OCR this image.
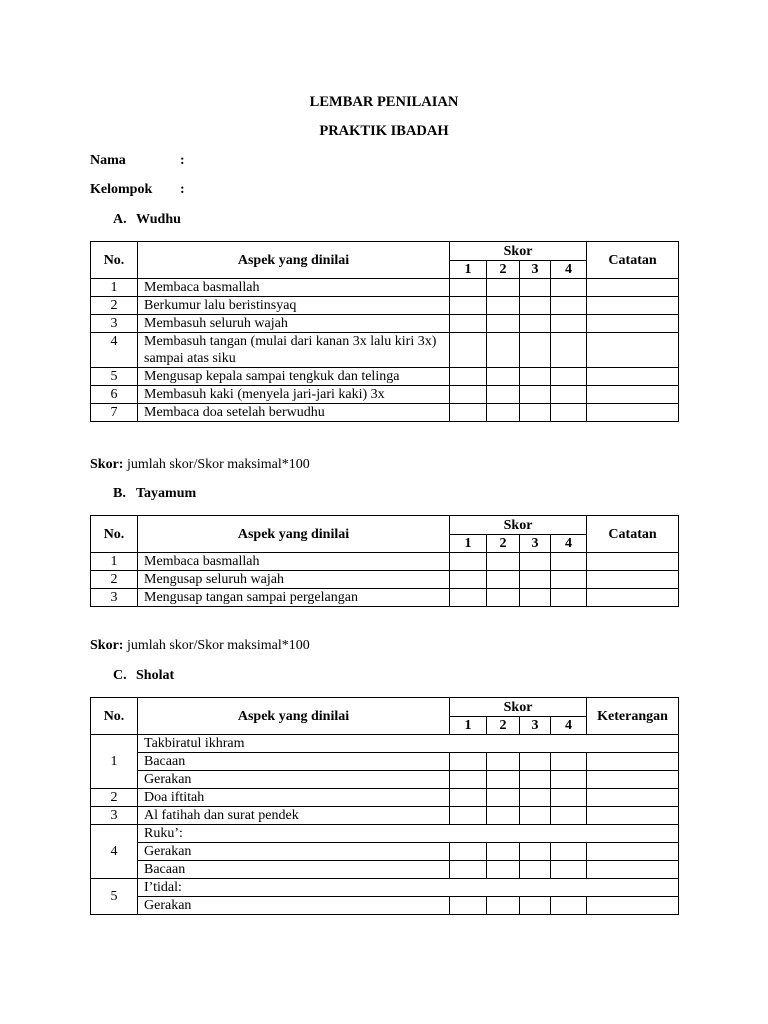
LEMBAR PENILAIAN
PRAKTIK IBADAH
Nama	:
Kelompok :
A. Wudhu
No.	Aspek yang dinilai	Skor				Catatan
		1	2	3	4	
1	Membaca basmallah					
2	Berkumur lalu beristinsyaq					
3	Membasuh seluruh wajah					
4	Membasuh tangan (mulai dari kanan 3x lalu kiri 3x) sampai atas siku					
5	Mengusap kepala sampai tengkuk dan telinga					
6	Membasuh kaki (menyela jari-jari kaki) 3x					
7	Membaca doa setelah berwudhu					
Skor: jumlah skor/Skor maksimal*100
B. Tayamum
No.	Aspek yang dinilai	Skor				Catatan
		1	2	3	4	
1	Membaca basmallah					
2	Mengusap seluruh wajah					
3	Mengusap tangan sampai pergelangan					
Skor: jumlah skor/Skor maksimal*100
C. Sholat
No.	Aspek yang dinilai	Skor				Keterangan
		1	2	3	4	
1	Takbiratul ikhram					
	Bacaan					
	Gerakan					
2	Doa iftitah					
3	Al fatihah dan surat pendek					
4	Ruku’:					
	Gerakan					
	Bacaan					
5	I’tidal:					
	Gerakan					
